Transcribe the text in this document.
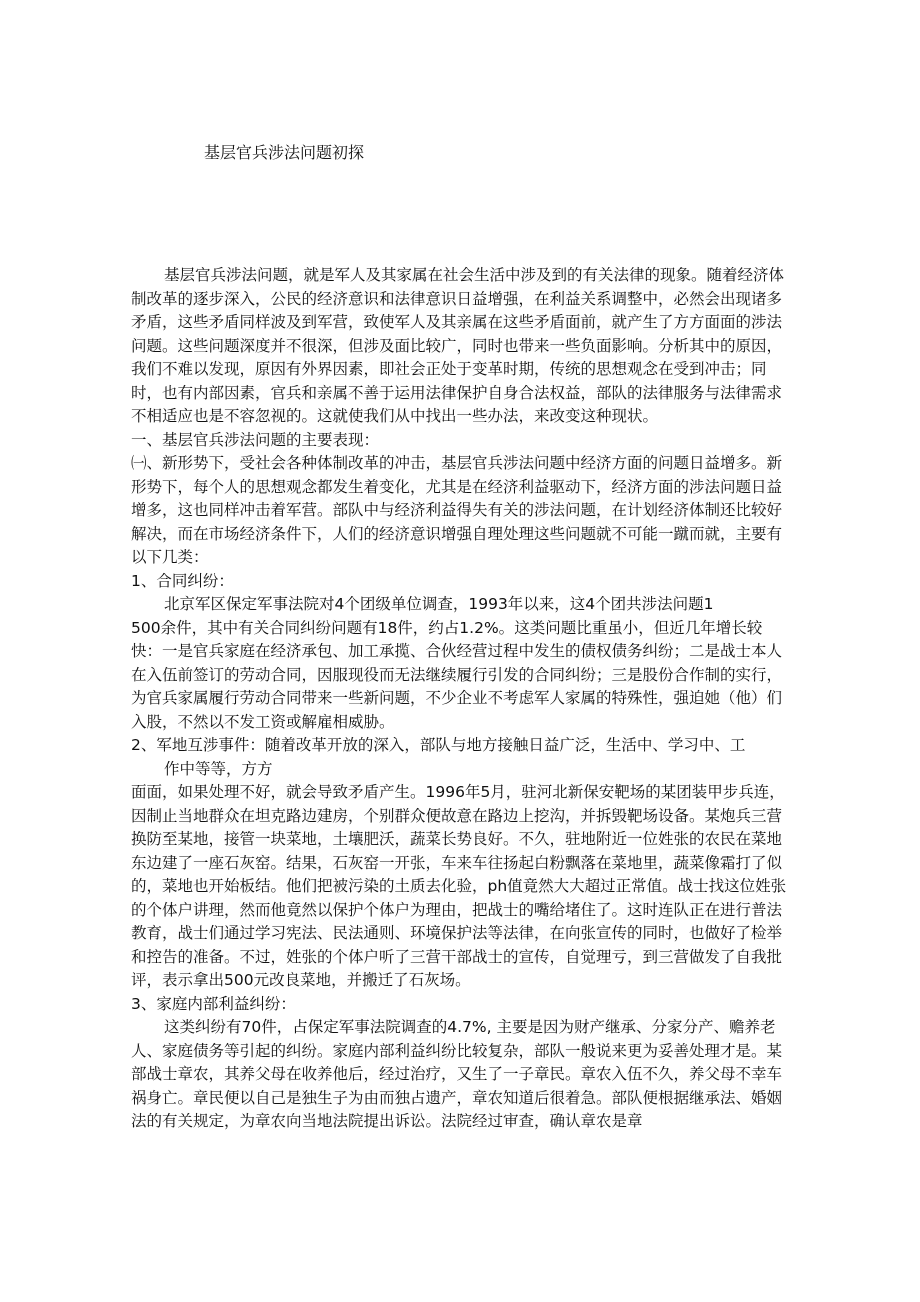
基层官兵涉法问题初探

基层官兵涉法问题，就是军人及其家属在社会生活中涉及到的有关法律的现象。随着经济体制改革的逐步深入，公民的经济意识和法律意识日益增强，在利益关系调整中，必然会出现诸多矛盾，这些矛盾同样波及到军营，致使军人及其亲属在这些矛盾面前，就产生了方方面面的涉法问题。这些问题深度并不很深，但涉及面比较广，同时也带来一些负面影响。分析其中的原因，我们不难以发现，原因有外界因素，即社会正处于变革时期，传统的思想观念在受到冲击；同时，也有内部因素，官兵和亲属不善于运用法律保护自身合法权益，部队的法律服务与法律需求不相适应也是不容忽视的。这就使我们从中找出一些办法，来改变这种现状。

一、基层官兵涉法问题的主要表现：

㈠、新形势下，受社会各种体制改革的冲击，基层官兵涉法问题中经济方面的问题日益增多。新形势下，每个人的思想观念都发生着变化，尤其是在经济利益驱动下，经济方面的涉法问题日益增多，这也同样冲击着军营。部队中与经济利益得失有关的涉法问题，在计划经济体制还比较好解决，而在市场经济条件下，人们的经济意识增强自理处理这些问题就不可能一蹴而就，主要有以下几类：

1、合同纠纷：

北京军区保定军事法院对4个团级单位调查，1993年以来，这4个团共涉法问题1

500余件，其中有关合同纠纷问题有18件，约占1.2%。这类问题比重虽小，但近几年增长较快：一是官兵家庭在经济承包、加工承揽、合伙经营过程中发生的债权债务纠纷；二是战士本人在入伍前签订的劳动合同，因服现役而无法继续履行引发的合同纠纷；三是股份合作制的实行，为官兵家属履行劳动合同带来一些新问题，不少企业不考虑军人家属的特殊性，强迫她（他）们入股，不然以不发工资或解雇相威胁。

2、军地互涉事件：随着改革开放的深入，部队与地方接触日益广泛，生活中、学习中、工

作中等等，方方

面面，如果处理不好，就会导致矛盾产生。1996年5月，驻河北新保安靶场的某团装甲步兵连，因制止当地群众在坦克路边建房，个别群众便故意在路边上挖沟，并拆毁靶场设备。某炮兵三营换防至某地，接管一块菜地，土壤肥沃，蔬菜长势良好。不久，驻地附近一位姓张的农民在菜地东边建了一座石灰窑。结果，石灰窑一开张，车来车往扬起白粉飘落在菜地里，蔬菜像霜打了似的，菜地也开始板结。他们把被污染的土质去化验，ph值竟然大大超过正常值。战士找这位姓张的个体户讲理，然而他竟然以保护个体户为理由，把战士的嘴给堵住了。这时连队正在进行普法教育，战士们通过学习宪法、民法通则、环境保护法等法律，在向张宣传的同时，也做好了检举和控告的准备。不过，姓张的个体户听了三营干部战士的宣传，自觉理亏，到三营做发了自我批评，表示拿出500元改良菜地，并搬迁了石灰场。

3、家庭内部利益纠纷：

这类纠纷有70件，占保定军事法院调查的4.7%, 主要是因为财产继承、分家分产、赡养老人、家庭债务等引起的纠纷。家庭内部利益纠纷比较复杂，部队一般说来更为妥善处理才是。某部战士章农，其养父母在收养他后，经过治疗，又生了一子章民。章农入伍不久，养父母不幸车祸身亡。章民便以自己是独生子为由而独占遗产，章农知道后很着急。部队便根据继承法、婚姻法的有关规定，为章农向当地法院提出诉讼。法院经过审查，确认章农是章
